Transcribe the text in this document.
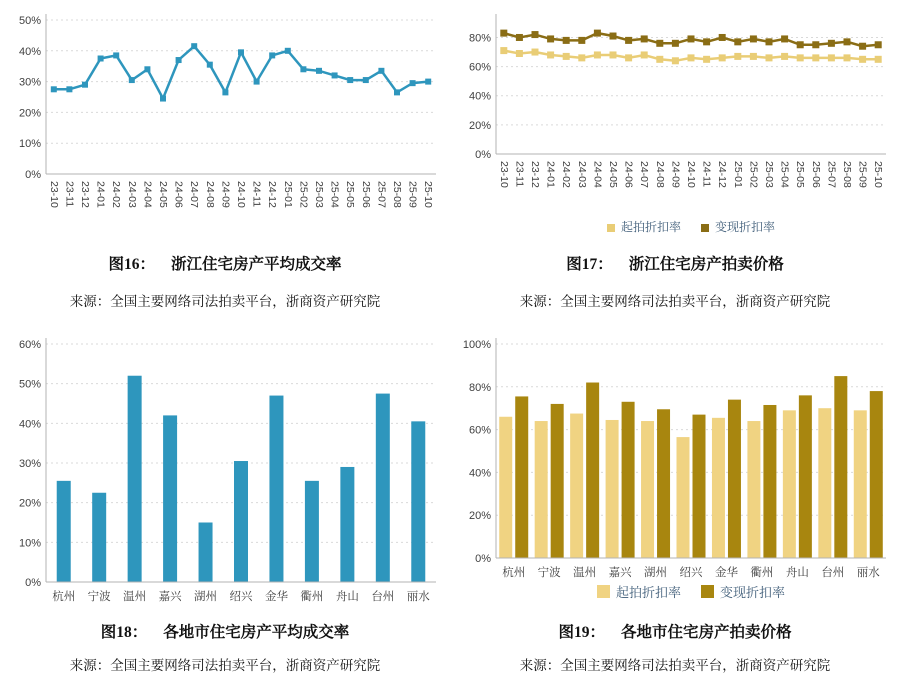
0%
10%
20%
30%
40%
50%
23-10 23-11 23-12 24-01 24-02 24-03 24-04 24-05 24-06 24-07 24-08 24-09 24-10 24-11 24-12 25-01 25-02 25-03 25-04 25-05 25-06 25-07 25-08 25-09 25-10
0%
20%
40%
60%
80%
23-10 23-11 23-12 24-01 24-02 24-03 24-04 24-05 24-06 24-07 24-08 24-09 24-10 24-11 24-12 25-01 25-02 25-03 25-04 25-05 25-06 25-07 25-08 25-09 25-10
起拍折扣率	变现折扣率
图16： 浙江住宅房产平均成交率	图17： 浙江住宅房产拍卖价格
来源：全国主要网络司法拍卖平台，浙商资产研究院	来源：全国主要网络司法拍卖平台，浙商资产研究院
0%
10%
20%
30%
40%
50%
60%
杭州 宁波 温州 嘉兴 湖州 绍兴 金华 衢州 舟山 台州 丽水
0%
20%
40%
60%
80%
100%
杭州 宁波 温州 嘉兴 湖州 绍兴 金华 衢州 舟山 台州 丽水
起拍折扣率	变现折扣率
图18： 各地市住宅房产平均成交率	图19： 各地市住宅房产拍卖价格
来源：全国主要网络司法拍卖平台，浙商资产研究院	来源：全国主要网络司法拍卖平台，浙商资产研究院
